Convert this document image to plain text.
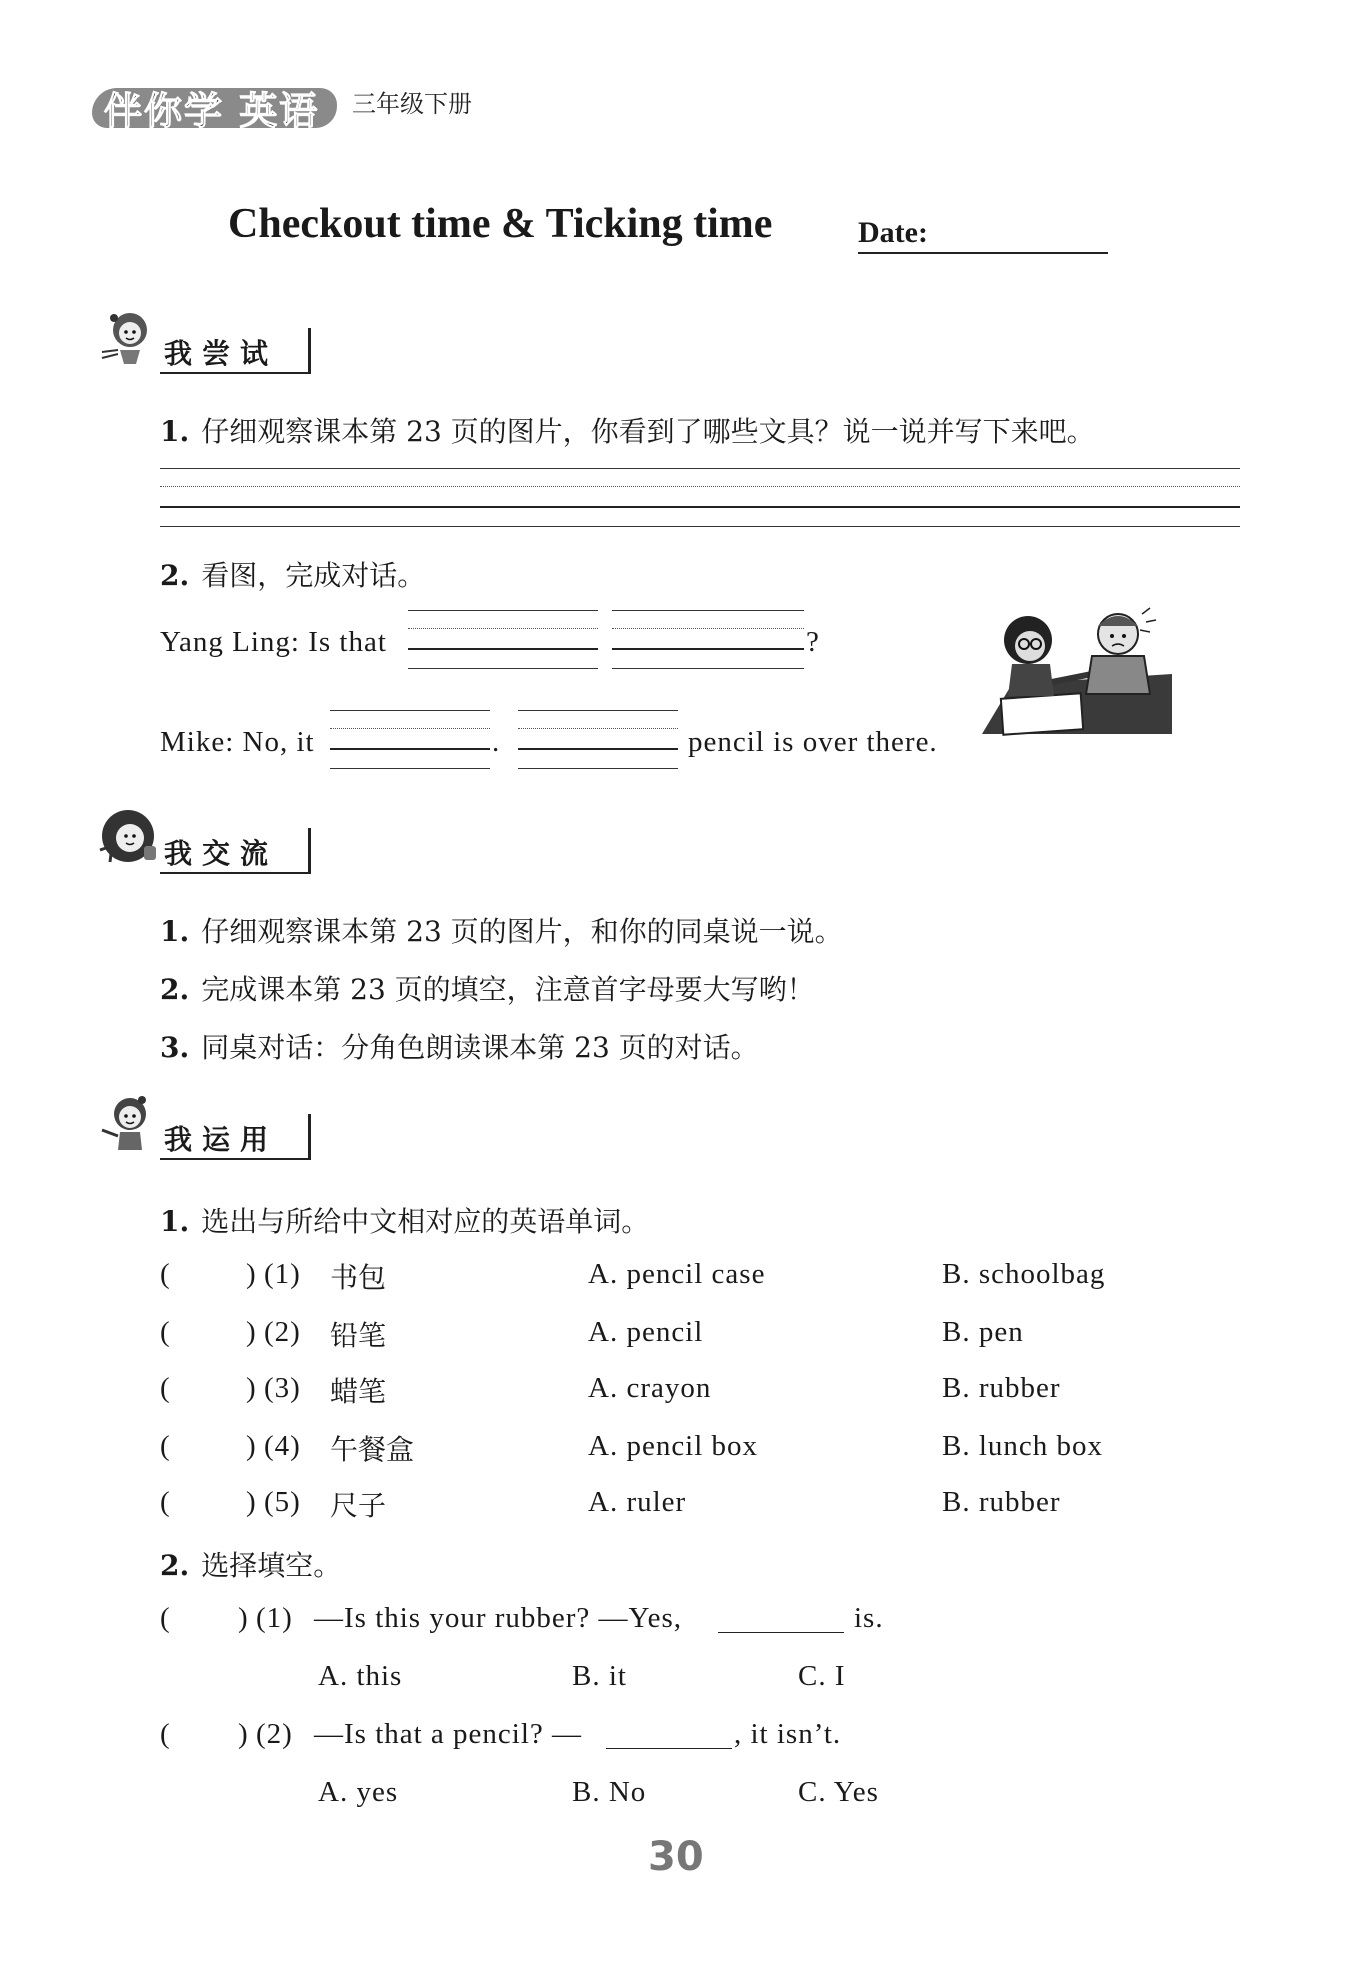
伴你学 英语 三年级下册
Checkout time & Ticking time	Date:
我尝试
1. 仔细观察课本第 23 页的图片，你看到了哪些文具？说一说并写下来吧。
2. 看图，完成对话。
Yang Ling: Is that	?
Mike: No, it	.	pencil is over there.
我交流
1. 仔细观察课本第 23 页的图片，和你的同桌说一说。
2. 完成课本第 23 页的填空，注意首字母要大写哟！
3. 同桌对话：分角色朗读课本第 23 页的对话。
我运用
1. 选出与所给中文相对应的英语单词。
(	) (1) 书包	A. pencil case	B. schoolbag
(	) (2) 铅笔	A. pencil	B. pen
(	) (3) 蜡笔	A. crayon	B. rubber
(	) (4) 午餐盒	A. pencil box	B. lunch box
(	) (5) 尺子	A. ruler	B. rubber
2. 选择填空。
( ) (1) —Is this your rubber? —Yes,	is.
A. this	B. it	C. I
( ) (2) —Is that a pencil? —	, it isn’t.
A. yes	B. No	C. Yes
30
